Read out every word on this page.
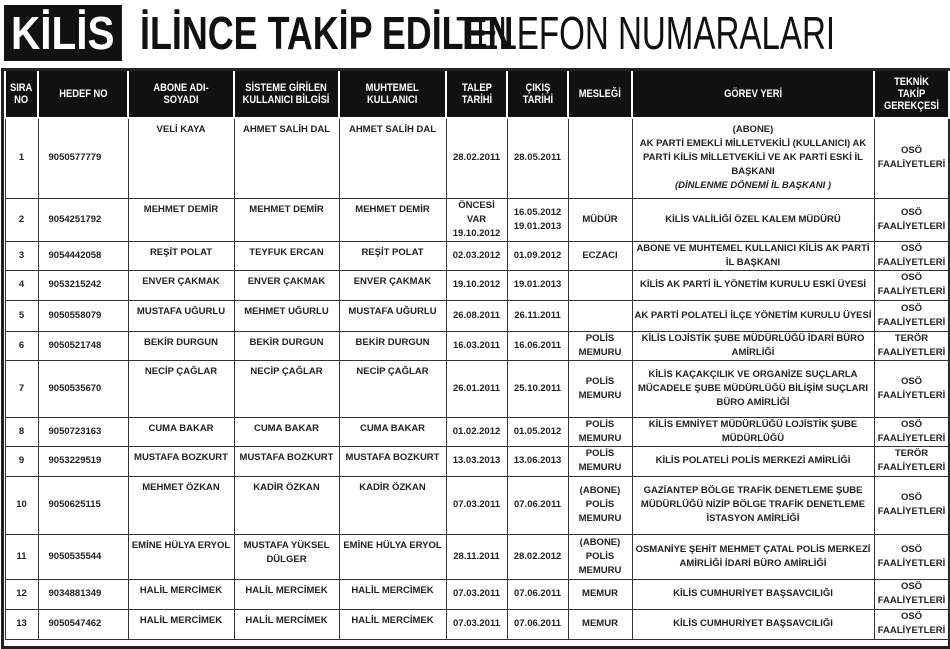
KİLİS İLİNCE TAKİP EDİLEN
TELEFON NUMARALARI
SIRA
NO	HEDEF NO	ABONE ADI-SOYADI	SİSTEME GİRİLEN
KULLANICI BİLGİSİ	MUHTEMEL
KULLANICI	TALEP
TARİHİ	ÇIKIŞ
TARİHİ	MESLEĞİ	GÖREV YERİ	TEKNİK TAKİP
GEREKÇESİ
1	9050577779	VELİ KAYA	AHMET SALİH DAL	AHMET SALİH DAL	28.02.2011	28.05.2011		(ABONE)
AK PARTİ EMEKLİ MİLLETVEKİLİ (KULLANICI) AK PARTİ KİLİS MİLLETVEKİLİ VE AK PARTİ ESKİ İL BAŞKANI
(DİNLENME DÖNEMİ İL BAŞKANI )	OSÖ
FAALİYETLERİ
2	9054251792	MEHMET DEMİR	MEHMET DEMİR	MEHMET DEMİR	ÖNCESİ VAR
19.10.2012	16.05.2012
19.01.2013	MÜDÜR	KİLİS VALİLİĞİ ÖZEL KALEM MÜDÜRÜ	OSÖ
FAALİYETLERİ
3	9054442058	REŞİT POLAT	TEYFUK ERCAN	REŞİT POLAT	02.03.2012	01.09.2012	ECZACI	ABONE VE MUHTEMEL KULLANICI KİLİS AK PARTİ İL BAŞKANI	OSÖ
FAALİYETLERİ
4	9053215242	ENVER ÇAKMAK	ENVER ÇAKMAK	ENVER ÇAKMAK	19.10.2012	19.01.2013		KİLİS AK PARTİ İL YÖNETİM KURULU ESKİ ÜYESİ	OSÖ
FAALİYETLERİ
5	9050558079	MUSTAFA UĞURLU	MEHMET UĞURLU	MUSTAFA UĞURLU	26.08.2011	26.11.2011		AK PARTİ POLATELİ İLÇE YÖNETİM KURULU ÜYESİ	OSÖ
FAALİYETLERİ
6	9050521748	BEKİR DURGUN	BEKİR DURGUN	BEKİR DURGUN	16.03.2011	16.06.2011	POLİS
MEMURU	KİLİS LOJİSTİK ŞUBE MÜDÜRLÜĞÜ İDARİ BÜRO AMİRLİĞİ	TERÖR
FAALİYETLERİ
7	9050535670	NECİP ÇAĞLAR	NECİP ÇAĞLAR	NECİP ÇAĞLAR	26.01.2011	25.10.2011	POLİS
MEMURU	KİLİS KAÇAKÇILIK VE ORGANİZE SUÇLARLA MÜCADELE ŞUBE MÜDÜRLÜĞÜ BİLİŞİM SUÇLARI BÜRO AMİRLİĞİ	OSÖ
FAALİYETLERİ
8	9050723163	CUMA BAKAR	CUMA BAKAR	CUMA BAKAR	01.02.2012	01.05.2012	POLİS
MEMURU	KİLİS EMNİYET MÜDÜRLÜĞÜ LOJİSTİK ŞUBE MÜDÜRLÜĞÜ	OSÖ
FAALİYETLERİ
9	9053229519	MUSTAFA BOZKURT	MUSTAFA BOZKURT	MUSTAFA BOZKURT	13.03.2013	13.06.2013	POLİS
MEMURU	KİLİS POLATELİ POLİS MERKEZİ AMİRLİĞİ	TERÖR
FAALİYETLERİ
10	9050625115	MEHMET ÖZKAN	KADİR ÖZKAN	KADİR ÖZKAN	07.03.2011	07.06.2011	(ABONE)
POLİS
MEMURU	GAZİANTEP BÖLGE TRAFİK DENETLEME ŞUBE MÜDÜRLÜĞÜ NİZİP BÖLGE TRAFİK DENETLEME İSTASYON AMİRLİĞİ	OSÖ
FAALİYETLERİ
11	9050535544	EMİNE HÜLYA ERYOL	MUSTAFA YÜKSEL
DÜLGER	EMİNE HÜLYA ERYOL	28.11.2011	28.02.2012	(ABONE)
POLİS
MEMURU	OSMANİYE ŞEHİT MEHMET ÇATAL POLİS MERKEZİ AMİRLİĞİ İDARİ BÜRO AMİRLİĞİ	OSÖ
FAALİYETLERİ
12	9034881349	HALİL MERCİMEK	HALİL MERCİMEK	HALİL MERCİMEK	07.03.2011	07.06.2011	MEMUR	KİLİS CUMHURİYET BAŞSAVCILIĞI	OSÖ
FAALİYETLERİ
13	9050547462	HALİL MERCİMEK	HALİL MERCİMEK	HALİL MERCİMEK	07.03.2011	07.06.2011	MEMUR	KİLİS CUMHURİYET BAŞSAVCILIĞI	OSÖ
FAALİYETLERİ
